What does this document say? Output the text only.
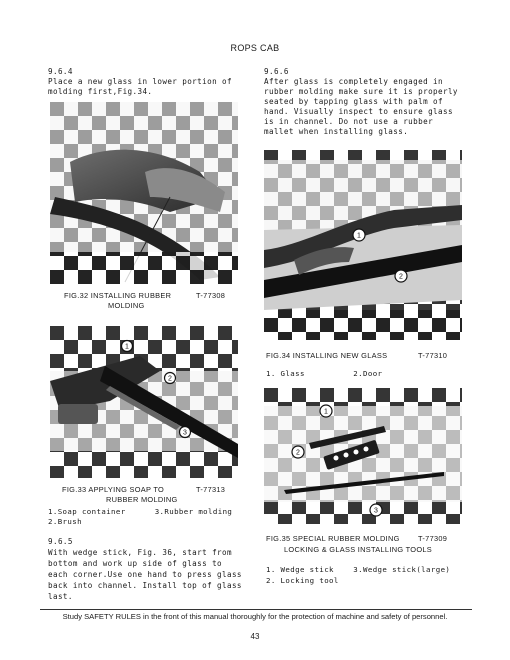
ROPS CAB
9.6.4
Place a new glass in lower portion of
molding first,Fig.34.
FIG.32 INSTALLING RUBBER	T-77308
MOLDING
1
2
3
FIG.33 APPLYING SOAP TO	T-77313
RUBBER MOLDING
1.Soap container      3.Rubber molding
2.Brush
9.6.5
With wedge stick, Fig. 36, start from
bottom and work up side of glass to
each corner.Use one hand to press glass
back into channel. Install top of glass
last.
9.6.6
After glass is completely engaged in
rubber molding make sure it is properly
seated by tapping glass with palm of
hand. Visually inspect to ensure glass
is in channel. Do not use a rubber
mallet when installing glass.
1
2
FIG.34 INSTALLING NEW GLASS	T-77310
1. Glass          2.Door
1
2
3
FIG.35 SPECIAL RUBBER MOLDING T-77309
LOCKING & GLASS INSTALLING TOOLS
1. Wedge stick    3.Wedge stick(large)
2. Locking tool
Study SAFETY RULES in the front of this manual thoroughly for the protection of machine and safety of personnel.
43
